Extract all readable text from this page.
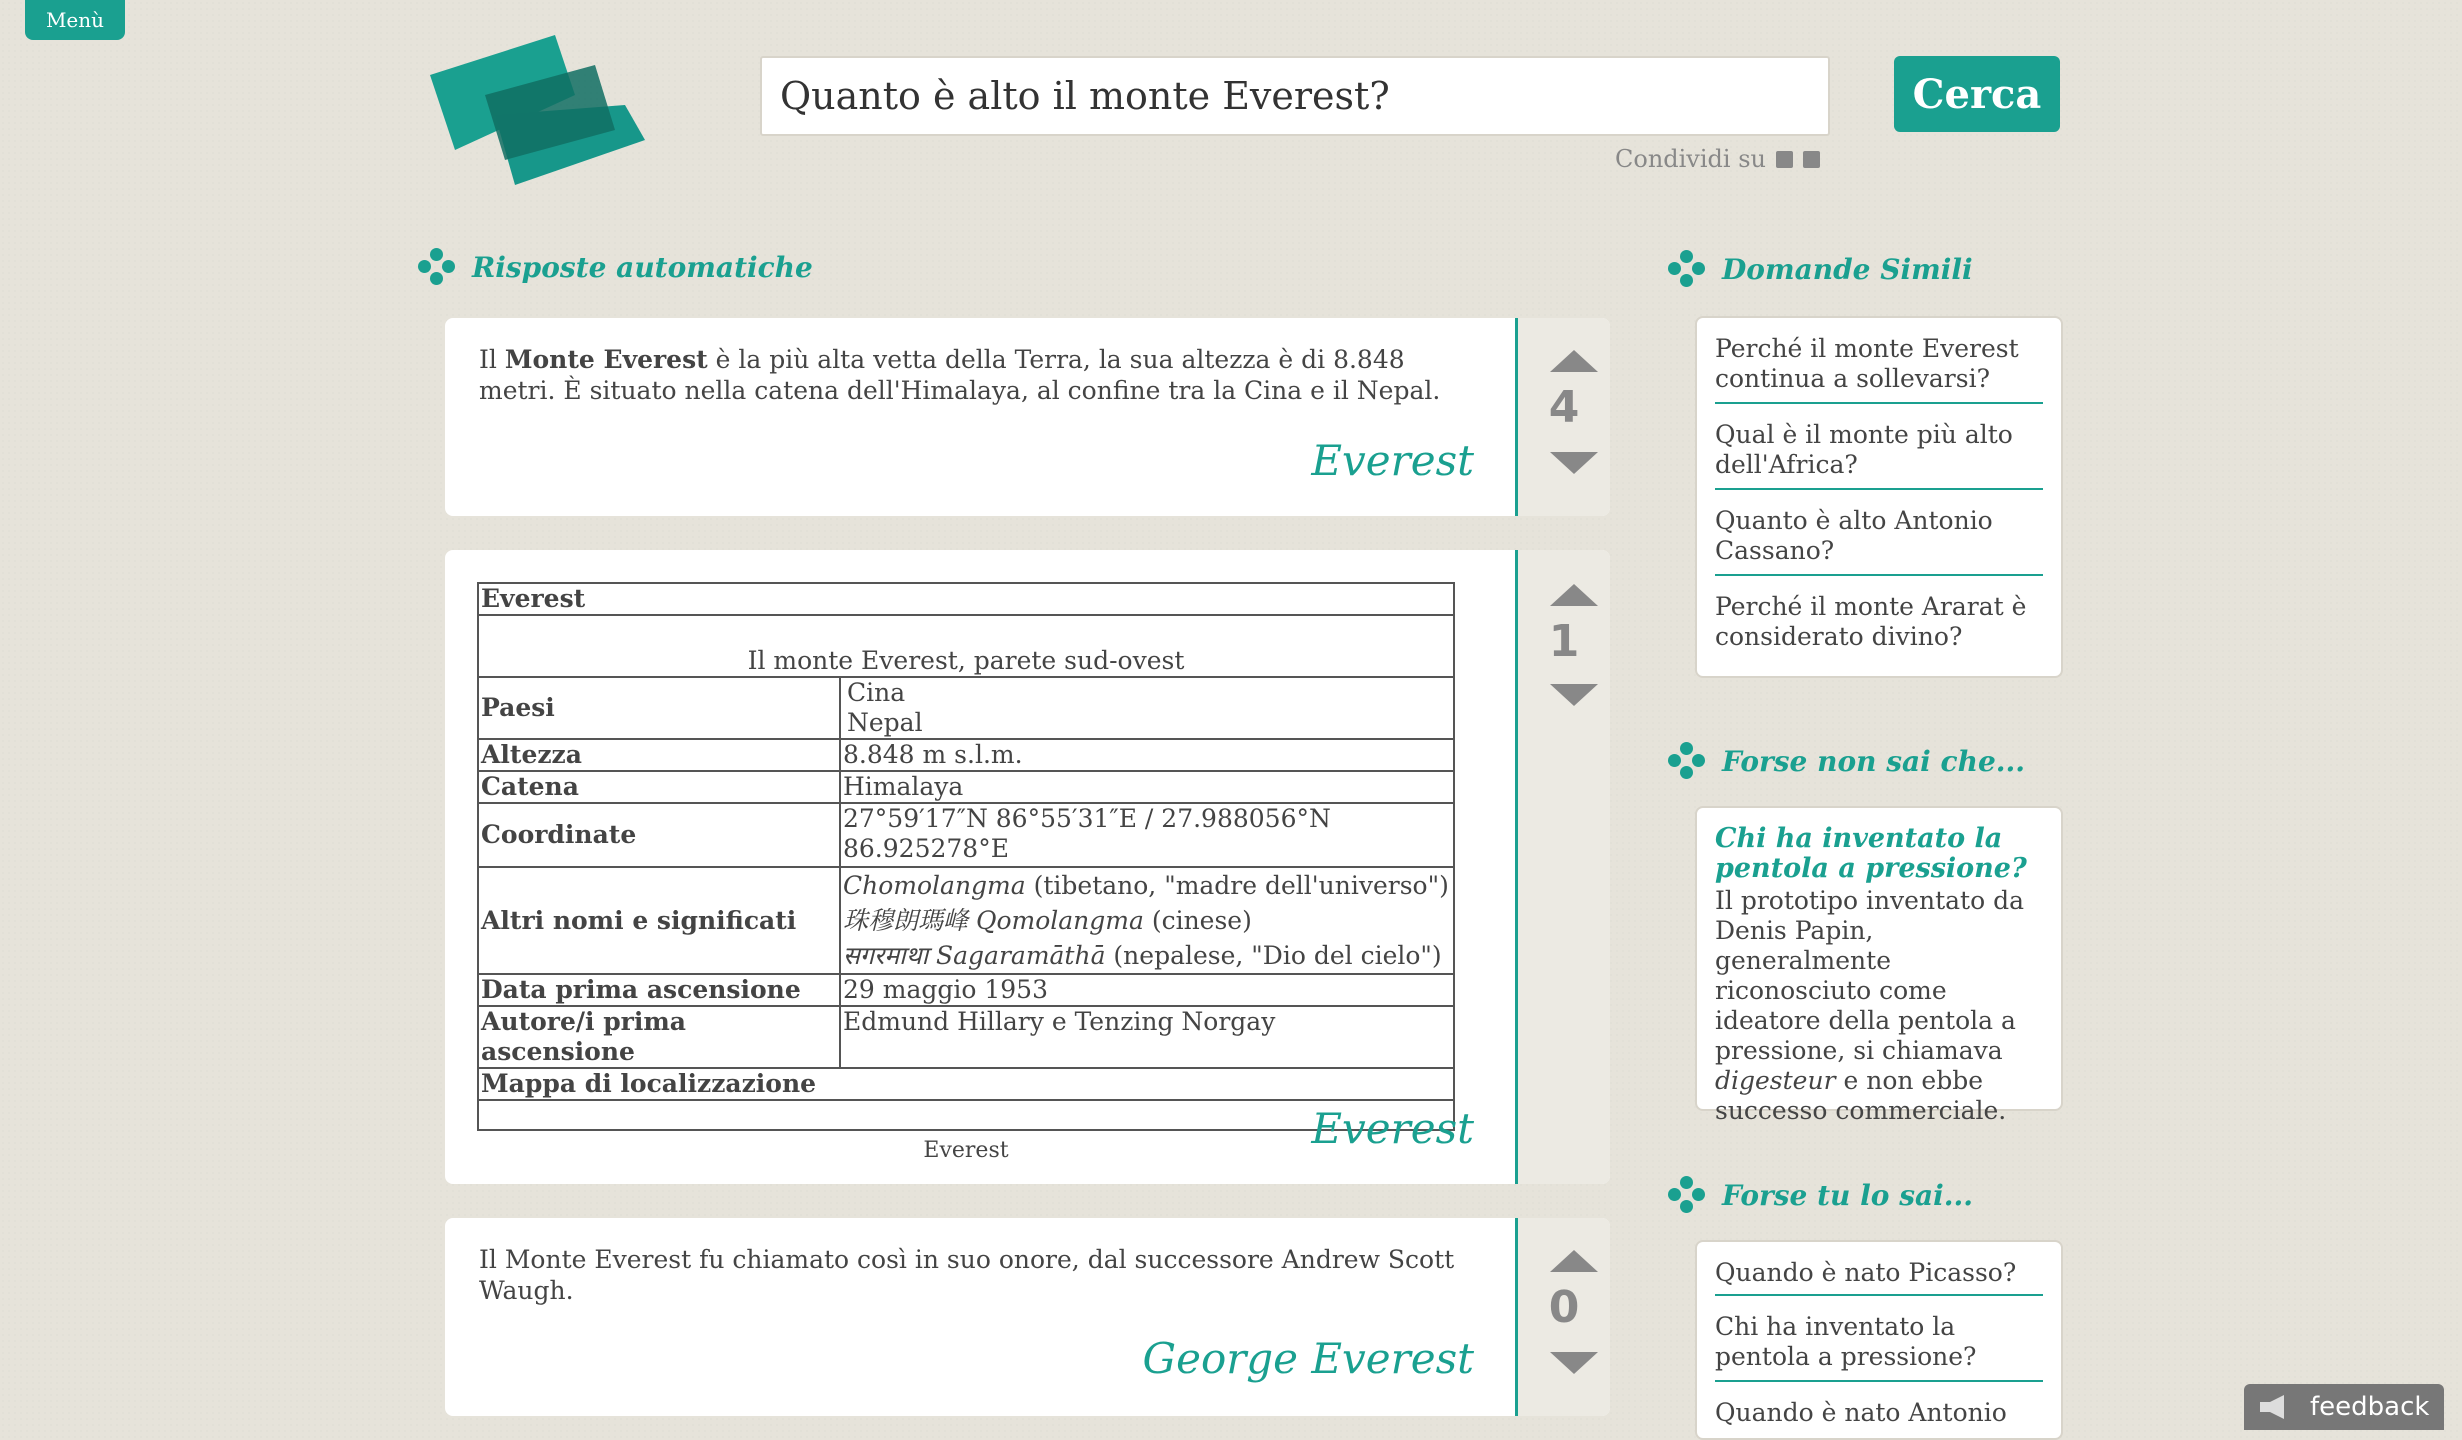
Menù
Quanto è alto il monte Everest?
Cerca
Condividi su
Risposte automatiche
Il Monte Everest è la più alta vetta della Terra, la sua altezza è di 8.848 metri. È situato nella catena dell'Himalaya, al confine tra la Cina e il Nepal.
Everest
4
Everest	
Il monte Everest, parete sud-ovest	
Paesi	Cina
Nepal

Altezza	8.848 m s.l.m.
Catena	Himalaya
Coordinate	27°59′17″N 86°55′31″E / 27.988056°N 86.925278°E
Altri nomi e significati	Chomolangma (tibetano, "madre dell'universo")
珠穆朗瑪峰 Qomolangma (cinese)
सगरमाथा Sagaramāthā (nepalese, "Dio del cielo")

Data prima ascensione	29 maggio 1953
Autore/i prima ascensione	Edmund Hillary e Tenzing Norgay
Mappa di localizzazione	

Everest	Everest
1
Il Monte Everest fu chiamato così in suo onore, dal successore Andrew Scott Waugh.
George Everest
0
Domande Simili
Perché il monte Everest continua a sollevarsi?
Qual è il monte più alto dell'Africa?
Quanto è alto Antonio Cassano?
Perché il monte Ararat è considerato divino?
Forse non sai che...
Chi ha inventato la pentola a pressione?
Il prototipo inventato da Denis Papin, generalmente riconosciuto come ideatore della pentola a pressione, si chiamava digesteur e non ebbe successo commerciale.
Forse tu lo sai...
Quando è nato Picasso?
Chi ha inventato la pentola a pressione?
Quando è nato Antonio	feedback
